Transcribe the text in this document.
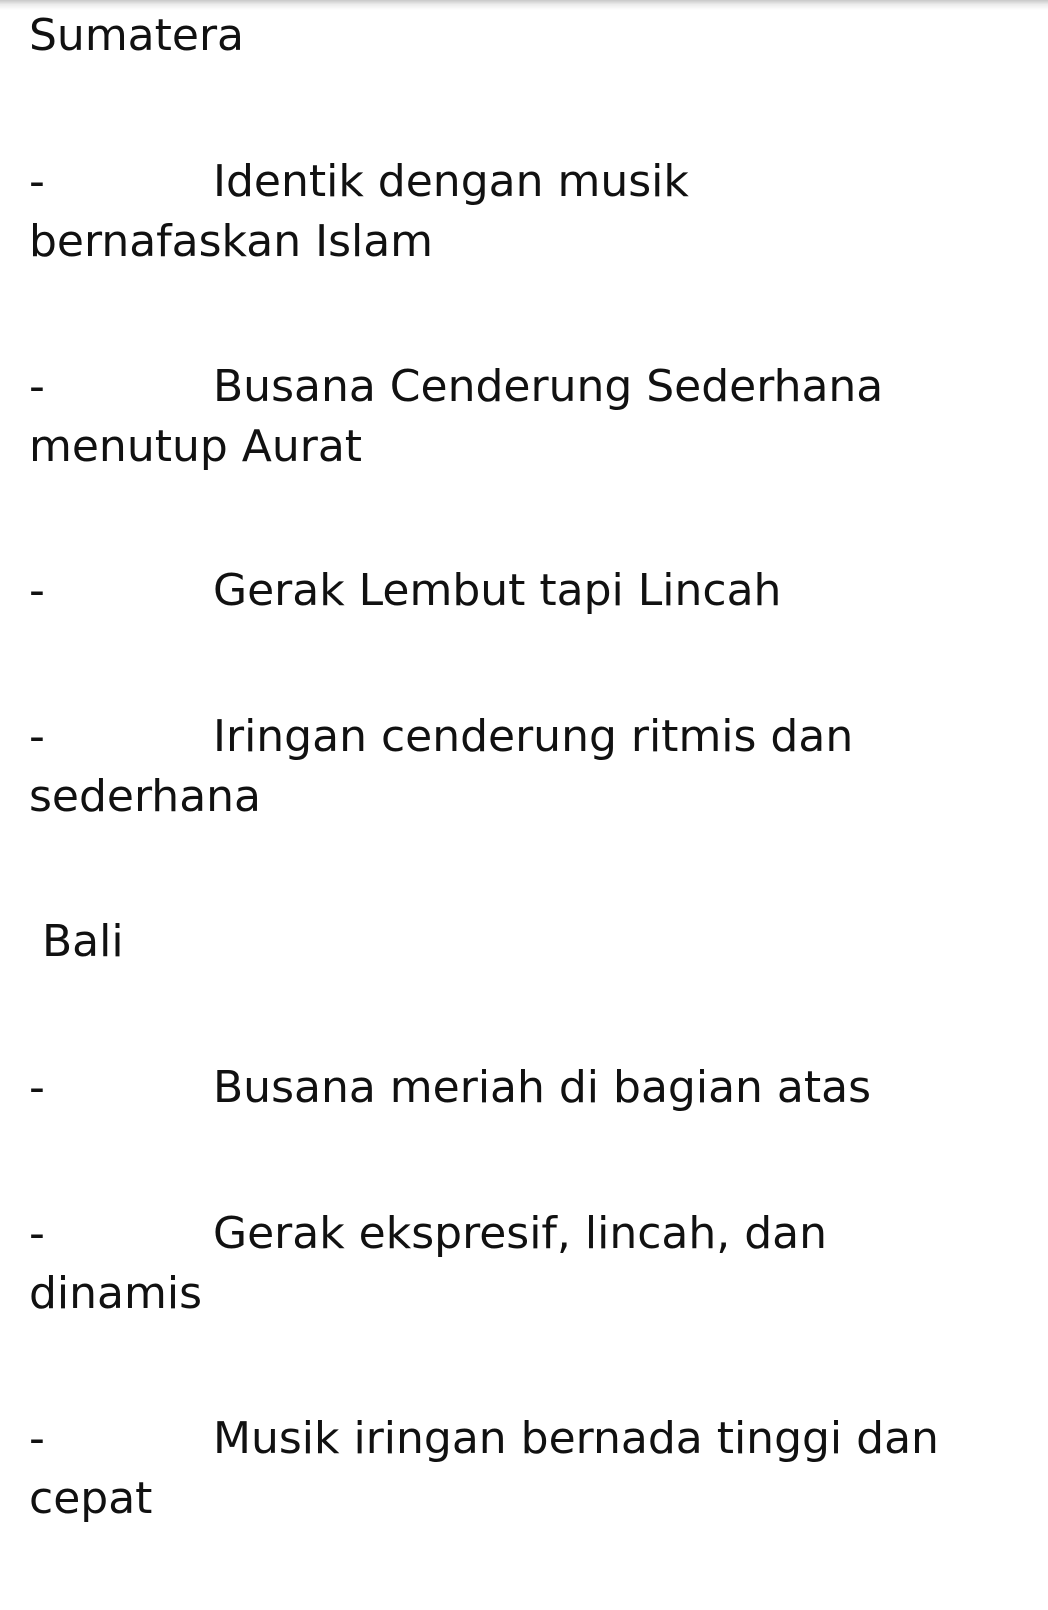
Sumatera
-	Identik dengan musik
bernafaskan Islam
-	Busana Cenderung Sederhana
menutup Aurat
-	Gerak Lembut tapi Lincah
-	Iringan cenderung ritmis dan
sederhana
Bali
-	Busana meriah di bagian atas
-	Gerak ekspresif, lincah, dan
dinamis
-	Musik iringan bernada tinggi dan
cepat
